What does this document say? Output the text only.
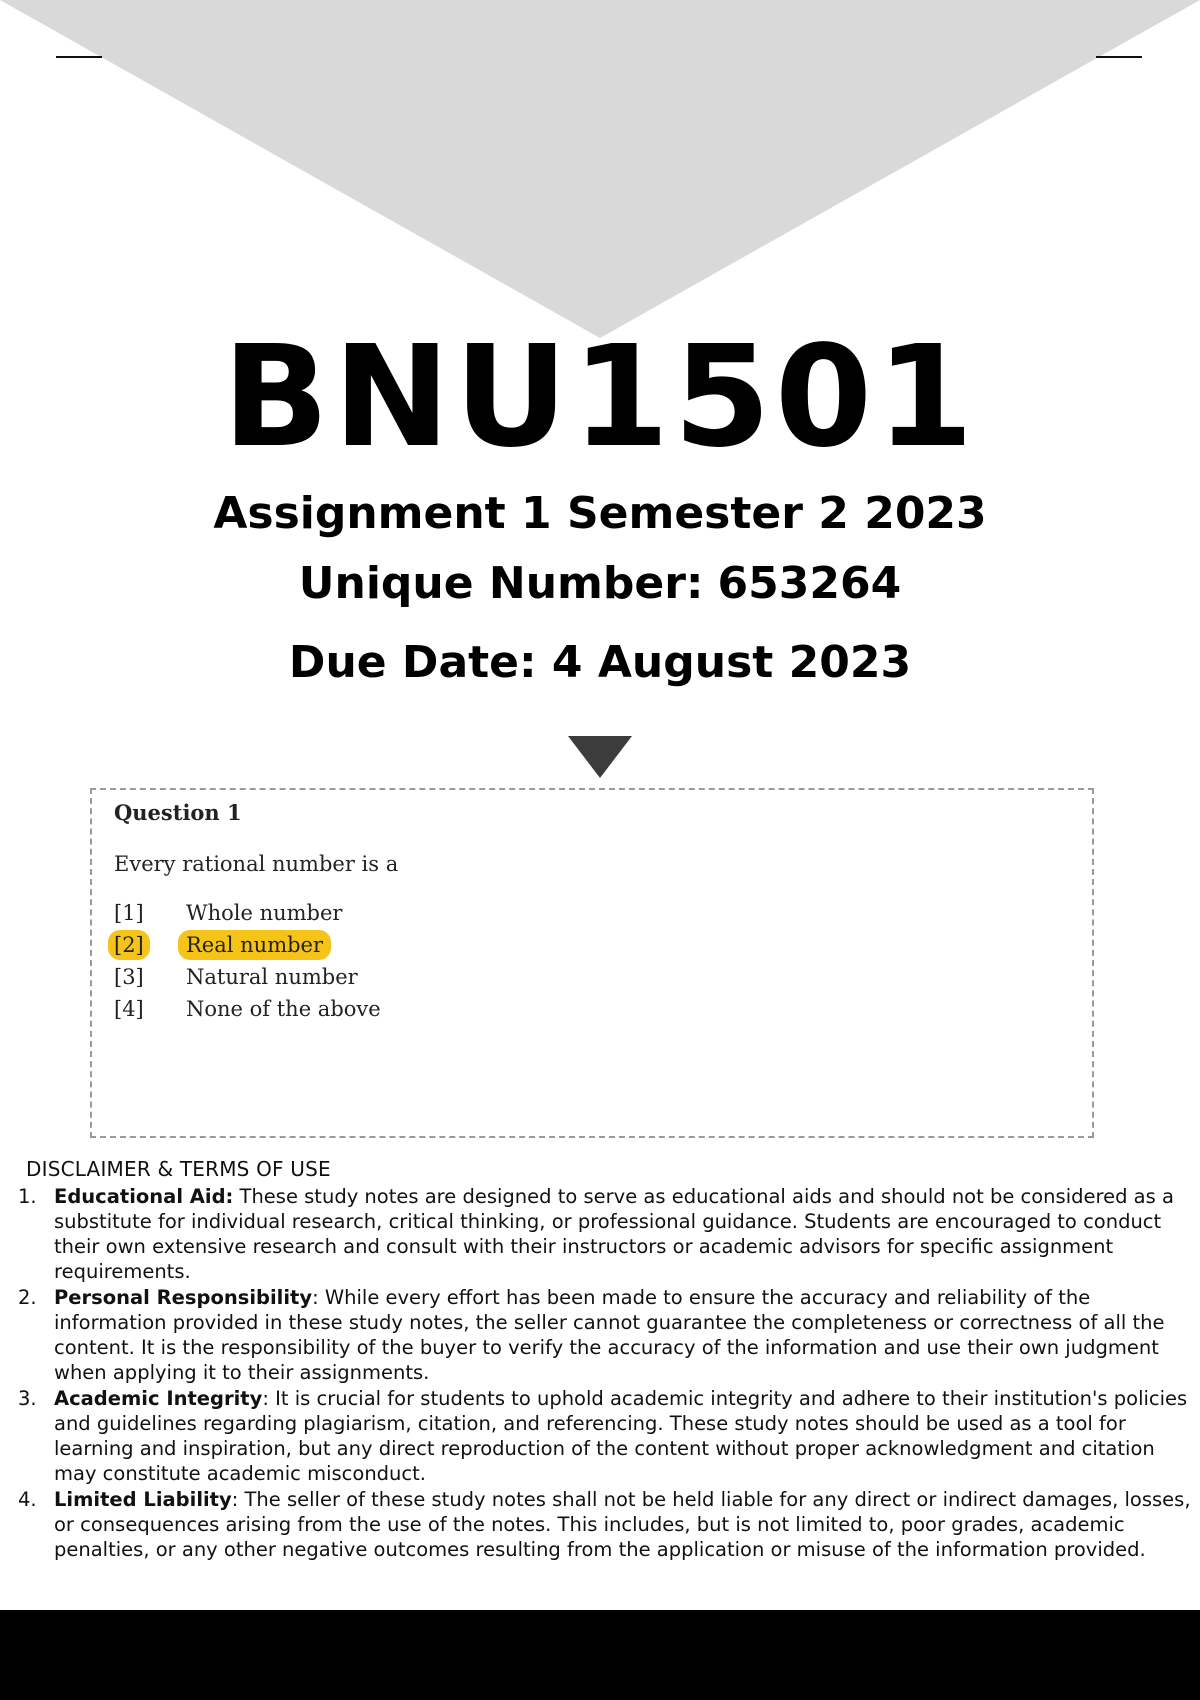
BNU1501
Assignment 1 Semester 2 2023
Unique Number: 653264
Due Date: 4 August 2023
Question 1
Every rational number is a
[1] Whole number
[2] Real number
[3] Natural number
[4] None of the above
DISCLAIMER & TERMS OF USE
1. Educational Aid: These study notes are designed to serve as educational aids and should not be considered as a substitute for individual research, critical thinking, or professional guidance. Students are encouraged to conduct their own extensive research and consult with their instructors or academic advisors for specific assignment requirements.
2. Personal Responsibility: While every effort has been made to ensure the accuracy and reliability of the information provided in these study notes, the seller cannot guarantee the completeness or correctness of all the content. It is the responsibility of the buyer to verify the accuracy of the information and use their own judgment when applying it to their assignments.
3. Academic Integrity: It is crucial for students to uphold academic integrity and adhere to their institution's policies and guidelines regarding plagiarism, citation, and referencing. These study notes should be used as a tool for learning and inspiration, but any direct reproduction of the content without proper acknowledgment and citation may constitute academic misconduct.
4. Limited Liability: The seller of these study notes shall not be held liable for any direct or indirect damages, losses, or consequences arising from the use of the notes. This includes, but is not limited to, poor grades, academic penalties, or any other negative outcomes resulting from the application or misuse of the information provided.
